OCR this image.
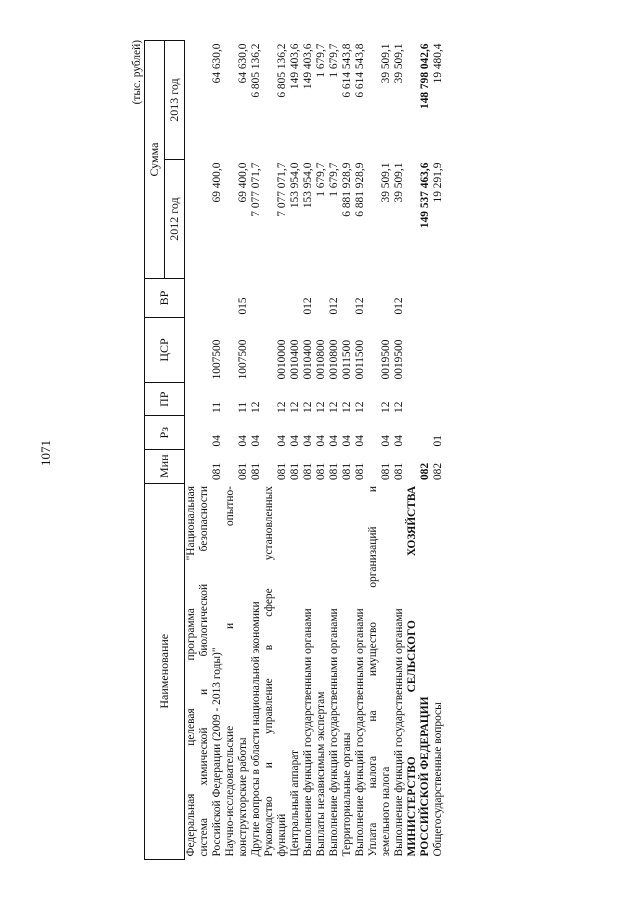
1071
(тыс. рублей)
Наименование	Мин	Рз	ПР	ЦСР	ВР	Сумма	
						2012 год	2013 год

Федеральная целевая программа "Национальная система химической и биологической безопасности Российской Федерации (2009 - 2013 годы)"	081	04	11	1007500		69 400,0	64 630,0

Научно-исследовательские и опытно- конструкторские работы	081	04	11	1007500	015	69 400,0	64 630,0

Другие вопросы в области национальной экономики	081	04	12			7 077 071,7	6 805 136,2

Руководство и управление в сфере установленных функций	081	04	12	0010000		7 077 071,7	6 805 136,2

Центральный аппарат	081	04	12	0010400		153 954,0	149 403,6

Выполнение функций государственными органами	081	04	12	0010400	012	153 954,0	149 403,6

Выплаты независимым экспертам	081	04	12	0010800		1 679,7	1 679,7

Выполнение функций государственными органами	081	04	12	0010800	012	1 679,7	1 679,7

Территориальные органы	081	04	12	0011500		6 881 928,9	6 614 543,8

Выполнение функций государственными органами	081	04	12	0011500	012	6 881 928,9	6 614 543,8

Уплата налога на имущество организаций и земельного налога	081	04	12	0019500		39 509,1	39 509,1

Выполнение функций государственными органами	081	04	12	0019500	012	39 509,1	39 509,1

МИНИСТЕРСТВО СЕЛЬСКОГО ХОЗЯЙСТВА РОССИЙСКОЙ ФЕДЕРАЦИИ	082					149 537 463,6	148 798 042,6

Общегосударственные вопросы	082	01				19 291,9	19 480,4
